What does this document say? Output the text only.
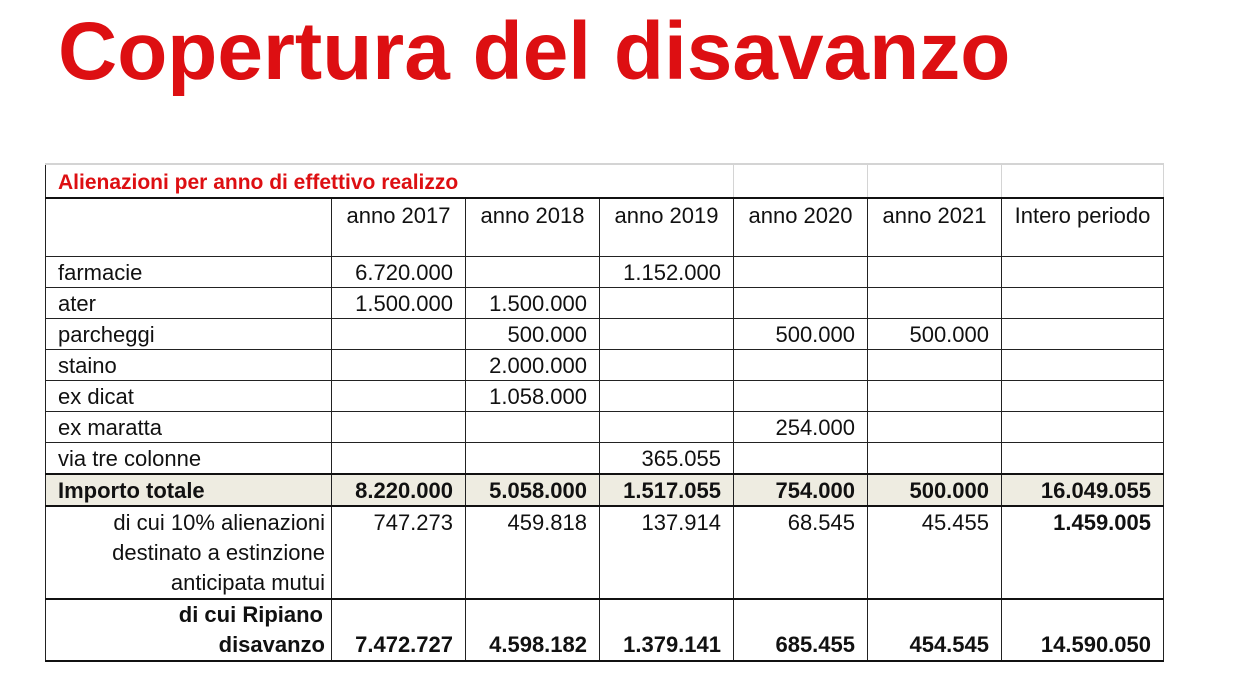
Copertura del disavanzo
Alienazioni per anno di effettivo realizzo						
	anno 2017	anno 2018	anno 2019	anno 2020	anno 2021	Intero periodo
farmacie	6.720.000		1.152.000			
ater	1.500.000	1.500.000				
parcheggi		500.000		500.000	500.000	
staino		2.000.000				
ex dicat		1.058.000				
ex maratta				254.000		
via tre colonne			365.055			
Importo totale	8.220.000	5.058.000	1.517.055	754.000	500.000	16.049.055

di cui 10% alienazioni
destinato a estinzione
anticipata mutui	747.273	459.818	137.914	68.545	45.455	1.459.005

di cui Ripiano
disavanzo	7.472.727	4.598.182	1.379.141	685.455	454.545	14.590.050
